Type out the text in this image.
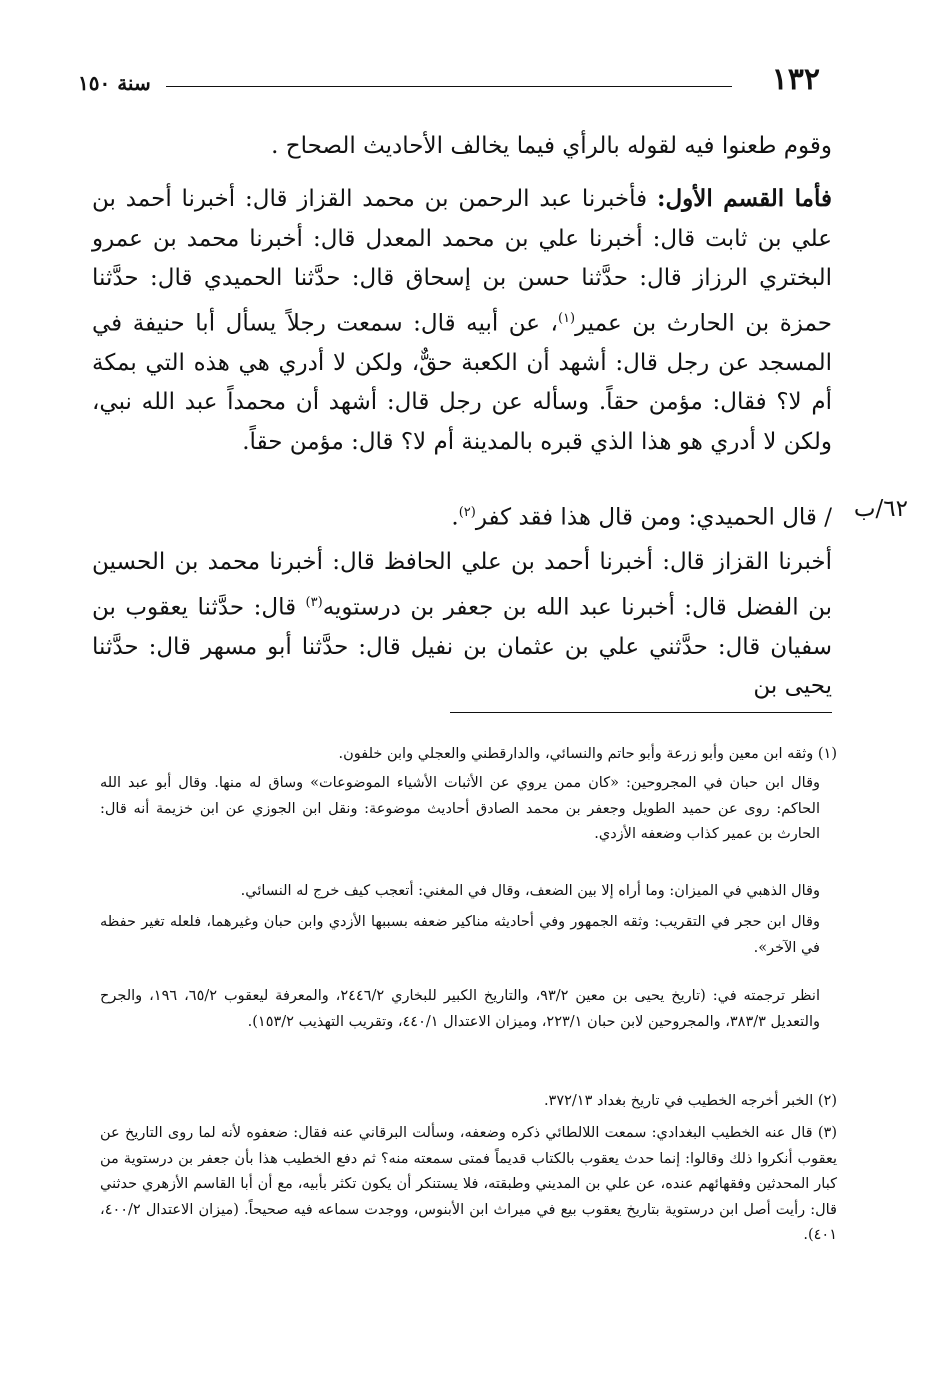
١٣٢
سنة ١٥٠

وقوم طعنوا فيه لقوله بالرأي فيما يخالف الأحاديث الصحاح .

فأما القسم الأول: فأخبرنا عبد الرحمن بن محمد القزاز قال: أخبرنا أحمد بن علي بن ثابت قال: أخبرنا علي بن محمد المعدل قال: أخبرنا محمد بن عمرو البختري الرزاز قال: حدَّثنا حسن بن إسحاق قال: حدَّثنا الحميدي قال: حدَّثنا حمزة بن الحارث بن عمير$^{(١)}$، عن أبيه قال: سمعت رجلاً يسأل أبا حنيفة في المسجد عن رجل قال: أشهد أن الكعبة حقٌّ، ولكن لا أدري هي هذه التي بمكة أم لا؟ فقال: مؤمن حقاً. وسأله عن رجل قال: أشهد أن محمداً عبد الله نبي، ولكن لا أدري هو هذا الذي قبره بالمدينة أم لا؟ قال: مؤمن حقاً.

/ قال الحميدي: ومن قال هذا فقد كفر$^{(٢)}$.	٦٢/ب

أخبرنا القزاز قال: أخبرنا أحمد بن علي الحافظ قال: أخبرنا محمد بن الحسين بن الفضل قال: أخبرنا عبد الله بن جعفر بن درستويه$^{(٣)}$ قال: حدَّثنا يعقوب بن سفيان قال: حدَّثني علي بن عثمان بن نفيل قال: حدَّثنا أبو مسهر قال: حدَّثنا يحيى بن

(١) وثقه ابن معين وأبو زرعة وأبو حاتم والنسائي، والدارقطني والعجلي وابن خلفون.

وقال ابن حبان في المجروحين: «كان ممن يروي عن الأثبات الأشياء الموضوعات» وساق له منها. وقال أبو عبد الله الحاكم: روى عن حميد الطويل وجعفر بن محمد الصادق أحاديث موضوعة: ونقل ابن الجوزي عن ابن خزيمة أنه قال: الحارث بن عمير كذاب وضعفه الأزدي.

وقال الذهبي في الميزان: وما أراه إلا بين الضعف، وقال في المغني: أتعجب كيف خرج له النسائي.

وقال ابن حجر في التقريب: وثقه الجمهور وفي أحاديثه مناكير ضعفه بسببها الأزدي وابن حبان وغيرهما، فلعله تغير حفظه في الآخر».

انظر ترجمته في: (تاريخ يحيى بن معين ٩٣/٢، والتاريخ الكبير للبخاري ٢٤٤٦/٢، والمعرفة ليعقوب ٦٥/٢، ١٩٦، والجرح والتعديل ٣٨٣/٣، والمجروحين لابن حبان ٢٢٣/١، وميزان الاعتدال ٤٤٠/١، وتقريب التهذيب ١٥٣/٢).

(٢) الخبر أخرجه الخطيب في تاريخ بغداد ٣٧٢/١٣.

(٣) قال عنه الخطيب البغدادي: سمعت اللالطائي ذكره وضعفه، وسألت البرقاني عنه فقال: ضعفوه لأنه لما روى التاريخ عن يعقوب أنكروا ذلك وقالوا: إنما حدث يعقوب بالكتاب قديماً فمتى سمعته منه؟ ثم دفع الخطيب هذا بأن جعفر بن درستوية من كبار المحدثين وفقهائهم عنده، عن علي بن المديني وطبقته، فلا يستنكر أن يكون تكثر بأبيه، مع أن أبا القاسم الأزهري حدثني قال: رأيت أصل ابن درستوية بتاريخ يعقوب بيع في ميراث ابن الأبنوس، ووجدت سماعه فيه صحيحاً. (ميزان الاعتدال ٤٠٠/٢، ٤٠١).
